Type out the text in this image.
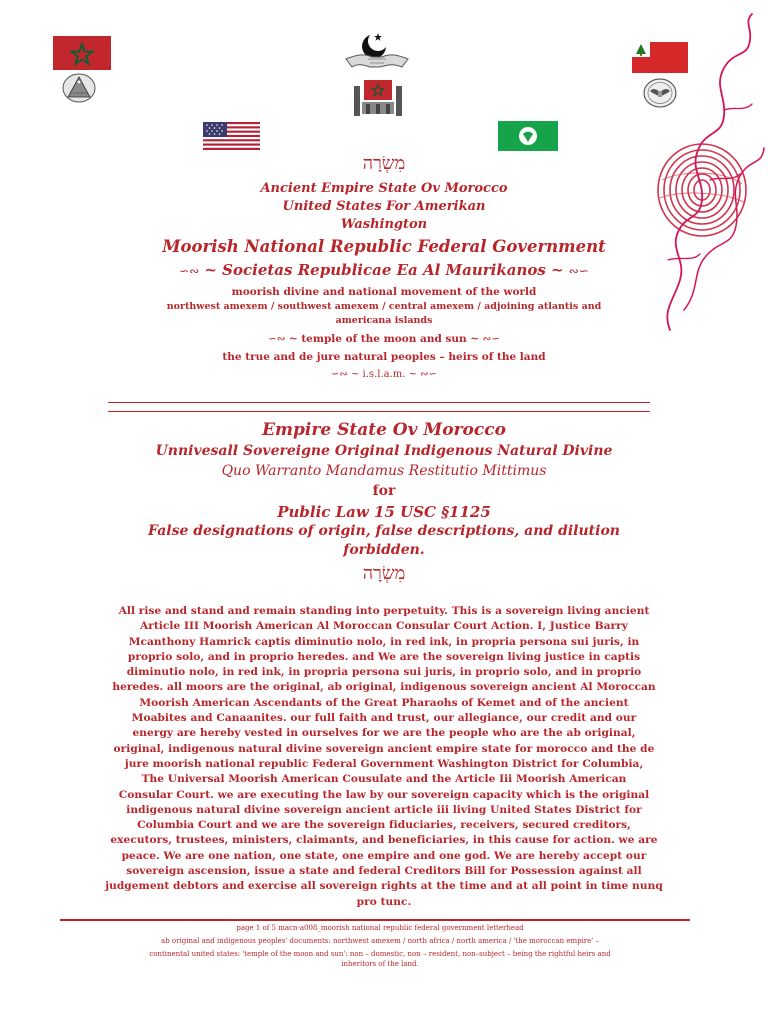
מִשְׂרָה
Ancient Empire State Ov Morocco
United States For Amerikan
Washington
Moorish National Republic Federal Government
∽∾ ~ Societas Republicae Ea Al Maurikanos ~ ∾∽
moorish divine and national movement of the world
northwest amexem / southwest amexem / central amexem / adjoining atlantis and
americana islands
∽∾ ~ temple of the moon and sun ~ ∾∽
the true and de jure natural peoples – heirs of the land
∽∾ ~ i.s.l.a.m. ~ ∾∽
Empire State Ov Morocco
Unnivesall Sovereigne Original Indigenous Natural Divine
Quo Warranto Mandamus Restitutio Mittimus
for
Public Law 15 USC §1125
False designations of origin, false descriptions, and dilution
forbidden.
מִשְׂרָה
All rise and stand and remain standing into perpetuity. This is a sovereign living ancient
Article III Moorish American Al Moroccan Consular Court Action. I, Justice Barry
Mcanthony Hamrick captis diminutio nolo, in red ink, in propria persona sui juris, in
proprio solo, and in proprio heredes. and We are the sovereign living justice in captis
diminutio nolo, in red ink, in propria persona sui juris, in proprio solo, and in proprio
heredes. all moors are the original, ab original, indigenous sovereign ancient Al Moroccan
Moorish American Ascendants of the Great Pharaohs of Kemet and of the ancient
Moabites and Canaanites. our full faith and trust, our allegiance, our credit and our
energy are hereby vested in ourselves for we are the people who are the ab original,
original, indigenous natural divine sovereign ancient empire state for morocco and the de
jure moorish national republic Federal Government Washington District for Columbia,
The Universal Moorish American Cousulate and the Article Iii Moorish American
Consular Court. we are executing the law by our sovereign capacity which is the original
indigenous natural divine sovereign ancient article iii living United States District for
Columbia Court and we are the sovereign fiduciaries, receivers, secured creditors,
executors, trustees, ministers, claimants, and beneficiaries, in this cause for action. we are
peace. We are one nation, one state, one empire and one god. We are hereby accept our
sovereign ascension, issue a state and federal Creditors Bill for Possession against all
judgement debtors and exercise all sovereign rights at the time and at all point in time nunq
pro tunc.
page 1 of 5 macn-a008_moorish national republic federal government letterhead
ab original and indigenous peoples' documents: northwest amexem / north africa / north america / 'the moroccan empire' –
continental united states: 'temple of the moon and sun': non – domestic, non – resident, non–subject – being the rightful heirs and
inheritors of the land.
